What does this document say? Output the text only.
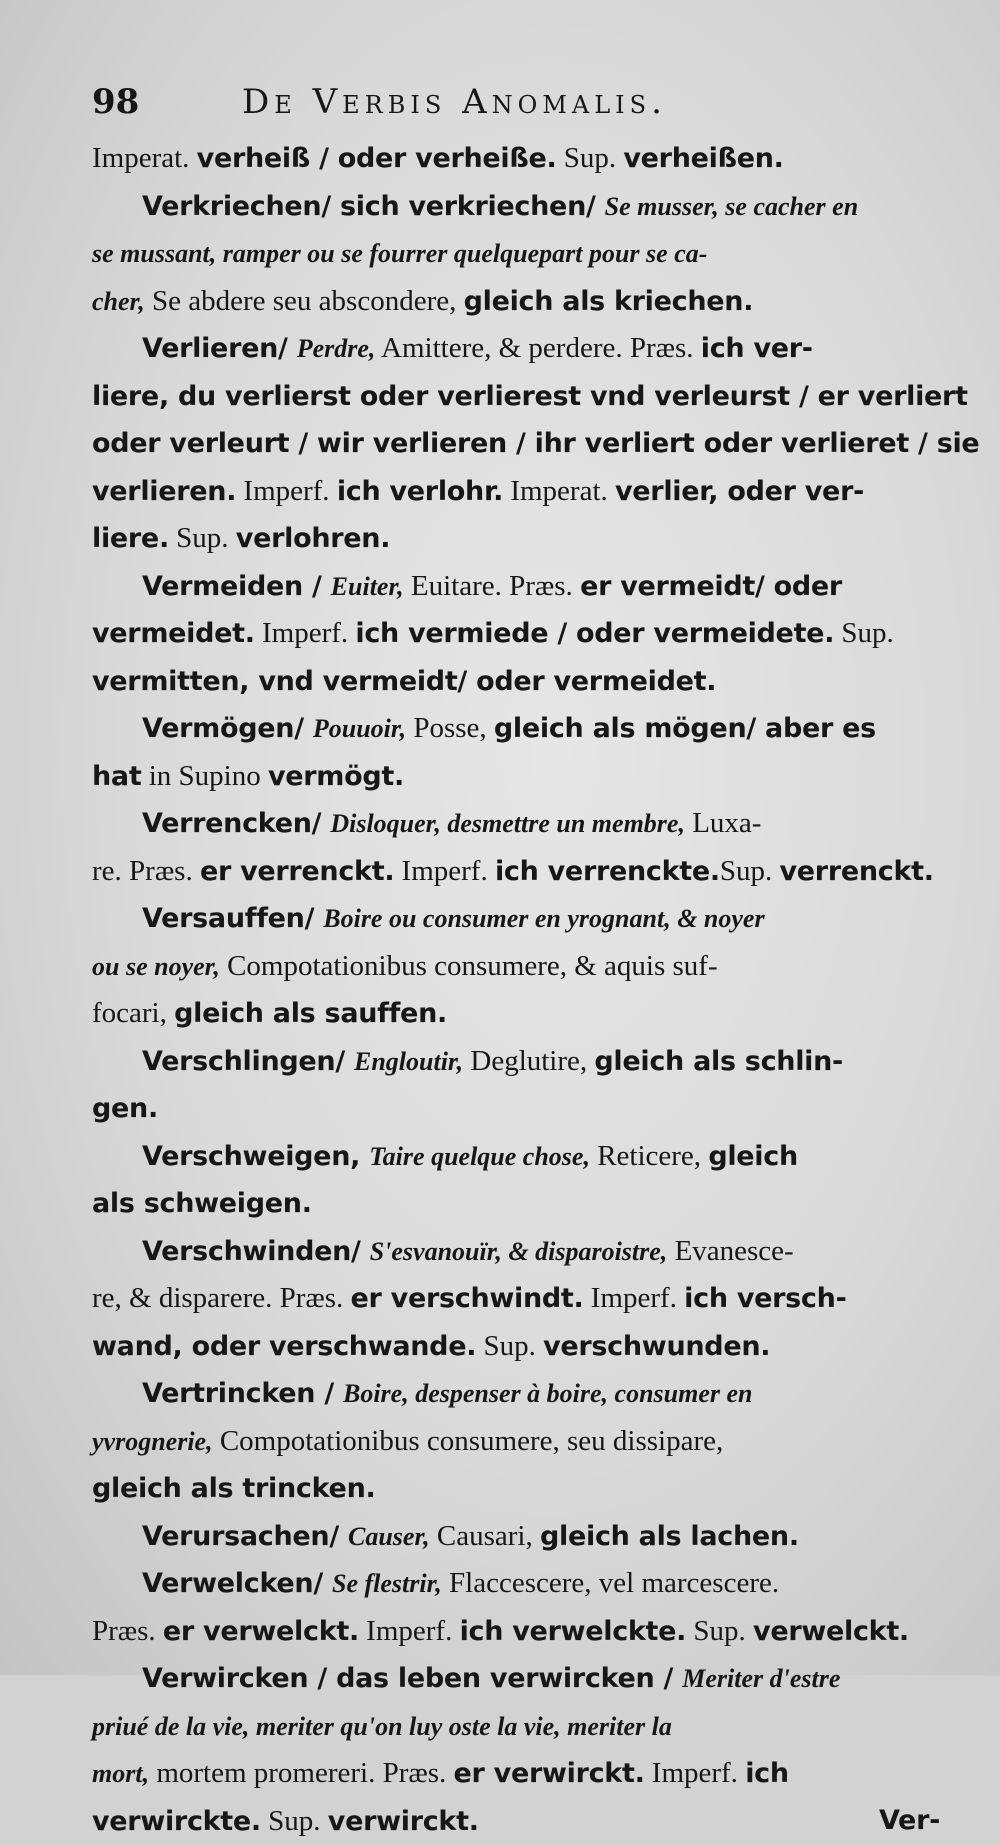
98	De Verbis Anomalis.
Imperat. verheiß / oder verheiße. Sup. verheißen.
Verkriechen/ sich verkriechen/ Se musser, se cacher en
se mussant, ramper ou se fourrer quelquepart pour se ca-
cher, Se abdere seu abscondere, gleich als kriechen.
Verlieren/ Perdre, Amittere, & perdere. Præs. ich ver-
liere, du verlierst oder verlierest vnd verleurst / er verliert
oder verleurt / wir verlieren / ihr verliert oder verlieret / sie
verlieren. Imperf. ich verlohr. Imperat. verlier, oder ver-
liere. Sup. verlohren.
Vermeiden / Euiter, Euitare. Præs. er vermeidt/ oder
vermeidet. Imperf. ich vermiede / oder vermeidete. Sup.
vermitten, vnd vermeidt/ oder vermeidet.
Vermögen/ Pouuoir, Posse, gleich als mögen/ aber es
hat in Supino vermögt.
Verrencken/ Disloquer, desmettre un membre, Luxa-
re. Præs. er verrenckt. Imperf. ich verrenckte.Sup. verrenckt.
Versauffen/ Boire ou consumer en yrognant, & noyer
ou se noyer, Compotationibus consumere, & aquis suf-
focari, gleich als sauffen.
Verschlingen/ Engloutir, Deglutire, gleich als schlin-
gen.
Verschweigen, Taire quelque chose, Reticere, gleich
als schweigen.
Verschwinden/ S'esvanouïr, & disparoistre, Evanesce-
re, & disparere. Præs. er verschwindt. Imperf. ich versch-
wand, oder verschwande. Sup. verschwunden.
Vertrincken / Boire, despenser à boire, consumer en
yvrognerie, Compotationibus consumere, seu dissipare,
gleich als trincken.
Verursachen/ Causer, Causari, gleich als lachen.
Verwelcken/ Se flestrir, Flaccescere, vel marcescere.
Præs. er verwelckt. Imperf. ich verwelckte. Sup. verwelckt.
Verwircken / das leben verwircken / Meriter d'estre
priué de la vie, meriter qu'on luy oste la vie, meriter la
mort, mortem promereri. Præs. er verwirckt. Imperf. ich
verwirckte. Sup. verwirckt.	Ver-
